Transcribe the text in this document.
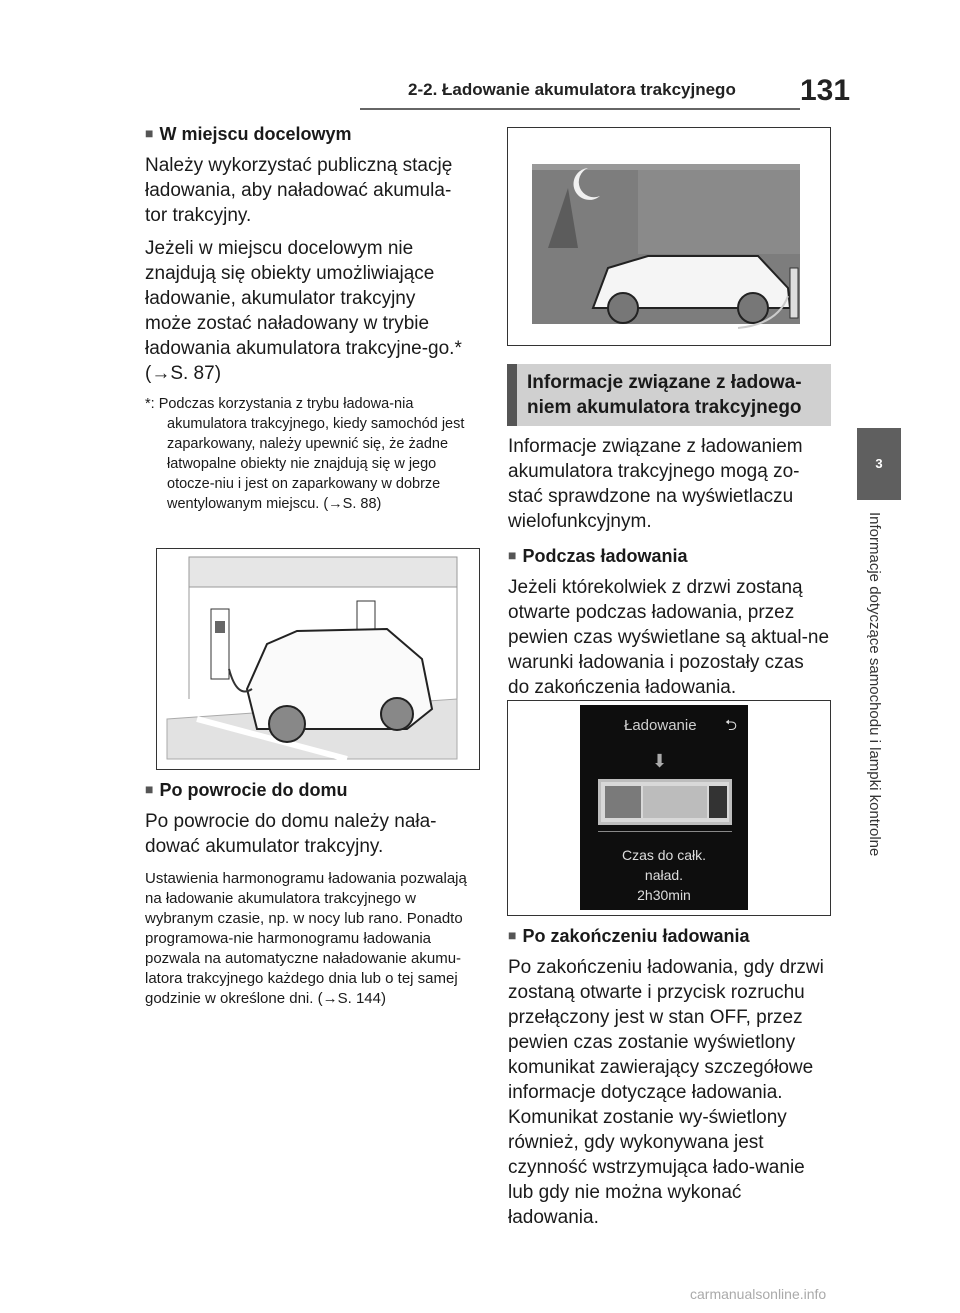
2-2. Ładowanie akumulatora trakcyjnego 131
3
Informacje dotyczące samochodu i lampki kontrolne

■ W miejscu docelowym

Należy wykorzystać publiczną stację ładowania, aby naładować akumula-tor trakcyjny.

Jeżeli w miejscu docelowym nie znajdują się obiekty umożliwiające ładowanie, akumulator trakcyjny może zostać naładowany w trybie ładowania akumulatora trakcyjne-go.* (→S. 87)

*: Podczas korzystania z trybu ładowa-nia akumulatora trakcyjnego, kiedy samochód jest zaparkowany, należy upewnić się, że żadne łatwopalne obiekty nie znajdują się w jego otocze-niu i jest on zaparkowany w dobrze wentylowanym miejscu. (→S. 88)

■ Po powrocie do domu

Po powrocie do domu należy nała-dować akumulator trakcyjny.

Ustawienia harmonogramu ładowania pozwalają na ładowanie akumulatora trakcyjnego w wybranym czasie, np. w nocy lub rano. Ponadto programowa-nie harmonogramu ładowania pozwala na automatyczne naładowanie akumu-latora trakcyjnego każdego dnia lub o tej samej godzinie w określone dni. (→S. 144)

Informacje związane z ładowa-niem akumulatora trakcyjnego

Informacje związane z ładowaniem akumulatora trakcyjnego mogą zo-stać sprawdzone na wyświetlaczu wielofunkcyjnym.

■ Podczas ładowania

Jeżeli którekolwiek z drzwi zostaną otwarte podczas ładowania, przez pewien czas wyświetlane są aktual-ne warunki ładowania i pozostały czas do zakończenia ładowania.

Ładowanie ⮌
⬇
Czas do całk.
naład.
2h30min

■ Po zakończeniu ładowania

Po zakończeniu ładowania, gdy drzwi zostaną otwarte i przycisk rozruchu przełączony jest w stan OFF, przez pewien czas zostanie wyświetlony komunikat zawierający szczegółowe informacje dotyczące ładowania. Komunikat zostanie wy-świetlony również, gdy wykonywana jest czynność wstrzymująca łado-wanie lub gdy nie można wykonać ładowania.

carmanualsonline.info
